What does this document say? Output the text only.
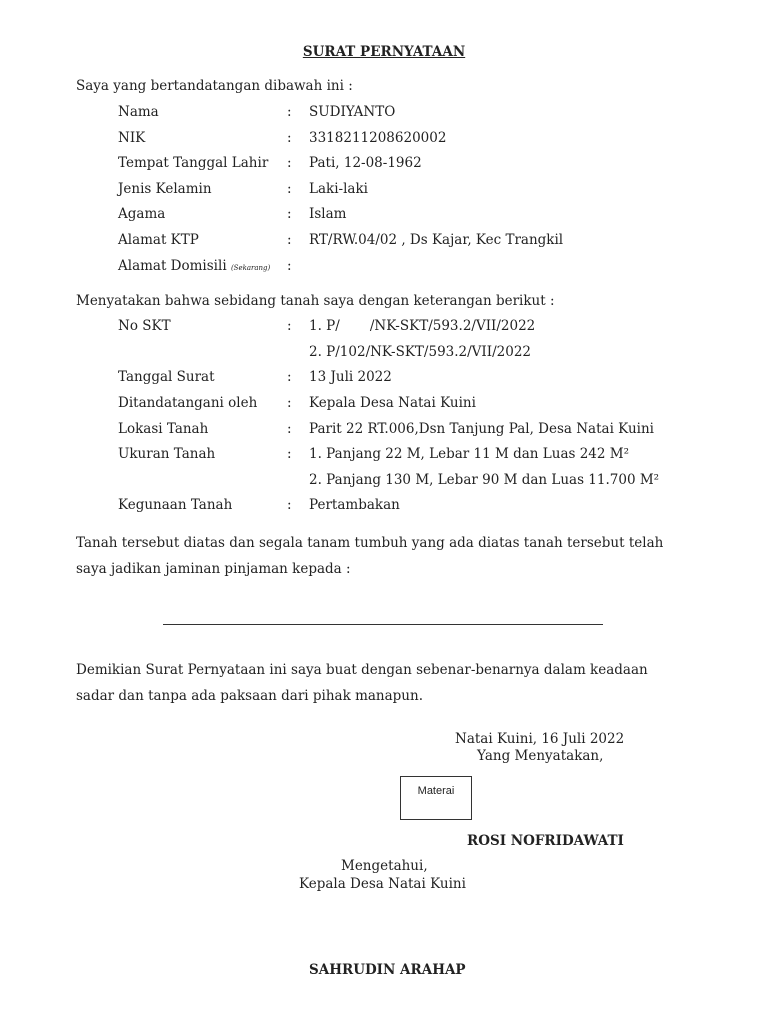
SURAT PERNYATAAN
Saya yang bertandatangan dibawah ini :
Nama	: SUDIYANTO
NIK	: 3318211208620002
Tempat Tanggal Lahir : Pati, 12-08-1962
Jenis Kelamin	: Laki-laki
Agama	: Islam
Alamat KTP	: RT/RW.04/02 , Ds Kajar, Kec Trangkil
Alamat Domisili (Sekarang) :
Menyatakan bahwa sebidang tanah saya dengan keterangan berikut :
No SKT	: 1. P/       /NK-SKT/593.2/VII/2022
2. P/102/NK-SKT/593.2/VII/2022
Tanggal Surat	: 13 Juli 2022
Ditandatangani oleh : Kepala Desa Natai Kuini
Lokasi Tanah	: Parit 22 RT.006,Dsn Tanjung Pal, Desa Natai Kuini
Ukuran Tanah	: 1. Panjang 22 M, Lebar 11 M dan Luas 242 M²
2. Panjang 130 M, Lebar 90 M dan Luas 11.700 M²
Kegunaan Tanah	: Pertambakan
Tanah tersebut diatas dan segala tanam tumbuh yang ada diatas tanah tersebut telah
saya jadikan jaminan pinjaman kepada :
Demikian Surat Pernyataan ini saya buat dengan sebenar-benarnya dalam keadaan
sadar dan tanpa ada paksaan dari pihak manapun.
Natai Kuini, 16 Juli 2022
Yang Menyatakan,
Materai
ROSI NOFRIDAWATI
Mengetahui,
Kepala Desa Natai Kuini
SAHRUDIN ARAHAP
